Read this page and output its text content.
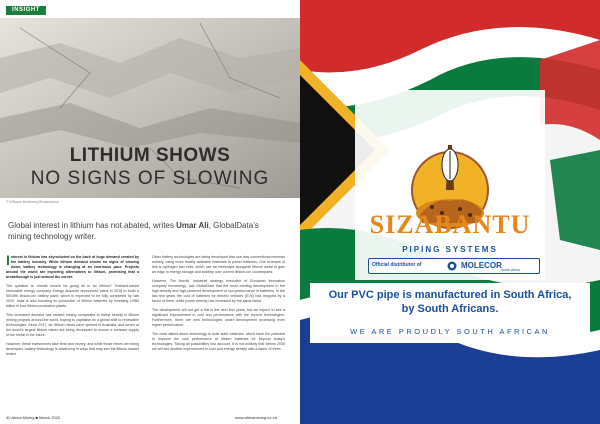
LITHIUM SHOWS
NO SIGNS OF SLOWING
INSIGHT
© Willyam Bradberry/Shutterstock
Global interest in lithium has not abated, writes Umar Ali, GlobalData’s mining technology writer.

Interest in lithium has skyrocketed on the back of huge demand created by the battery industry. While lithium demand shows no signs of slowing down, battery technology is changing at an enormous pace. Projects around the world are exploring alternatives to lithium, promising that a breakthrough is just around the corner.

The question is: should miners be going all in for lithium? Thailand-based renewable energy company Energy Absolute announced plans in 2018 to build a 50GWh lithium-ion battery plant, which is expected to be fully completed by late 2020. India is also boosting its production of lithium batteries by investing US$4 billion in four lithium production plants.

This increased demand has caused mining companies to invest heavily in lithium mining projects around the world, hoping to capitalise on a global shift to renewable technologies. Since 2017, six lithium mines have opened in Australia, and seven of the world’s largest lithium mines are being developed to ensure a constant supply of the metal in the future.

However, these investments take time and money, and while those mines are being developed, battery technology is advancing in ways that may see the lithium market tested.

Other battery technologies are being developed that use less conventional minerals entirely, using more readily available materials to power batteries. One example of this is hydrogen fuel cells, which use an electrolyte alongside lithium metal to gain an edge in energy storage and stability over current lithium-ion counterparts.

However, Tim Hornik, industrial strategy executive of European innovation company Innoenergy, told GlobalData that the most exciting development in the high-density and high-powered development of non-performance in batteries. In the last few years the cost of batteries for electric vehicles (EVs) has dropped by a factor of three, while power density has increased by the same factor.

The development will not get a flat in the next few years, but we expect to see a significant improvement in cost and performance with the current technologies. Furthermore, there are new technologies under development promising even higher performance.

The most talked-about technology is solid state batteries, which have the potential to improve the cost performance of lithium batteries for beyond today’s technologies. Taking all possibilities into account, it is not unlikely that before 2030 we will see another improvement in cost and energy density with a factor of three.

40 Africa Mining ■ March 2020	www.africamining.co.za
SIZABANTU
PIPING SYSTEMS
Official distributor of	MOLECOR South Africa
Our PVC pipe is manufactured in South Africa,
by South Africans.
WE ARE PROUDLY SOUTH AFRICAN
